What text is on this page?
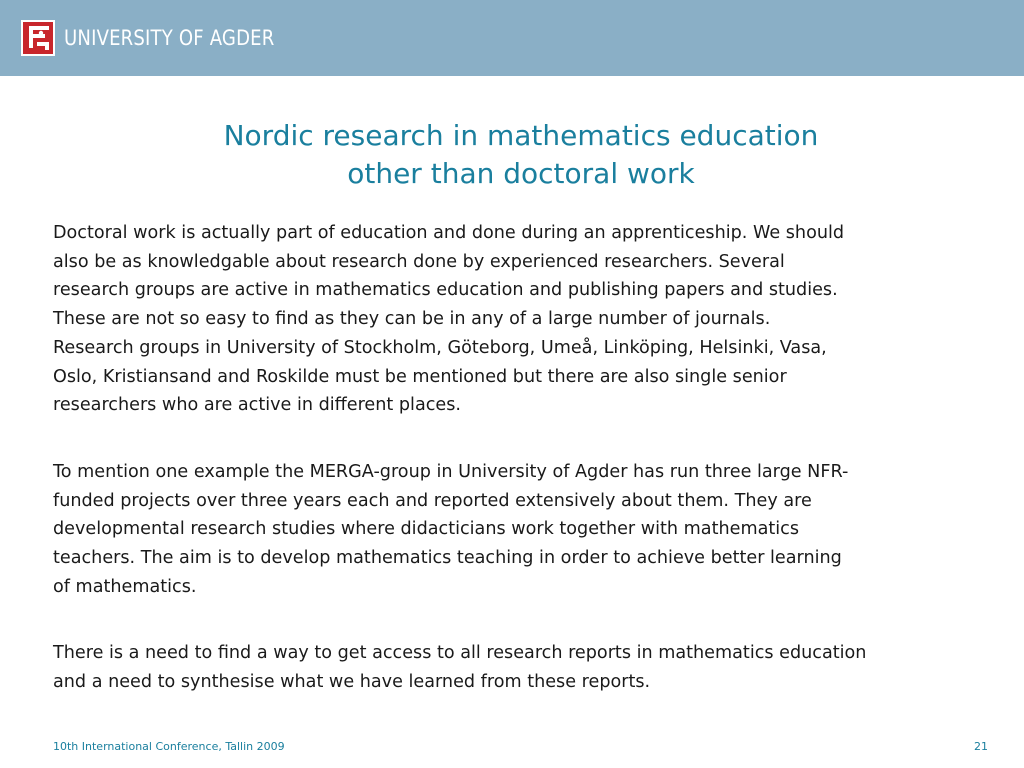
UNIVERSITY OF AGDER
Nordic research in mathematics education
other than doctoral work

Doctoral work is actually part of education and done during an apprenticeship. We should
also be as knowledgable about research done by experienced researchers. Several
research groups are active in mathematics education and publishing papers and studies.
These are not so easy to find as they can be in any of a large number of journals.
Research groups in University of Stockholm, Göteborg, Umeå, Linköping, Helsinki, Vasa,
Oslo, Kristiansand and Roskilde must be mentioned but there are also single senior
researchers who are active in different places.

To mention one example the MERGA-group in University of Agder has run three large NFR-
funded projects over three years each and reported extensively about them. They are
developmental research studies where didacticians work together with mathematics
teachers. The aim is to develop mathematics teaching in order to achieve better learning
of mathematics.

There is a need to find a way to get access to all research reports in mathematics education
and a need to synthesise what we have learned from these reports.

10th International Conference, Tallin 2009	21
